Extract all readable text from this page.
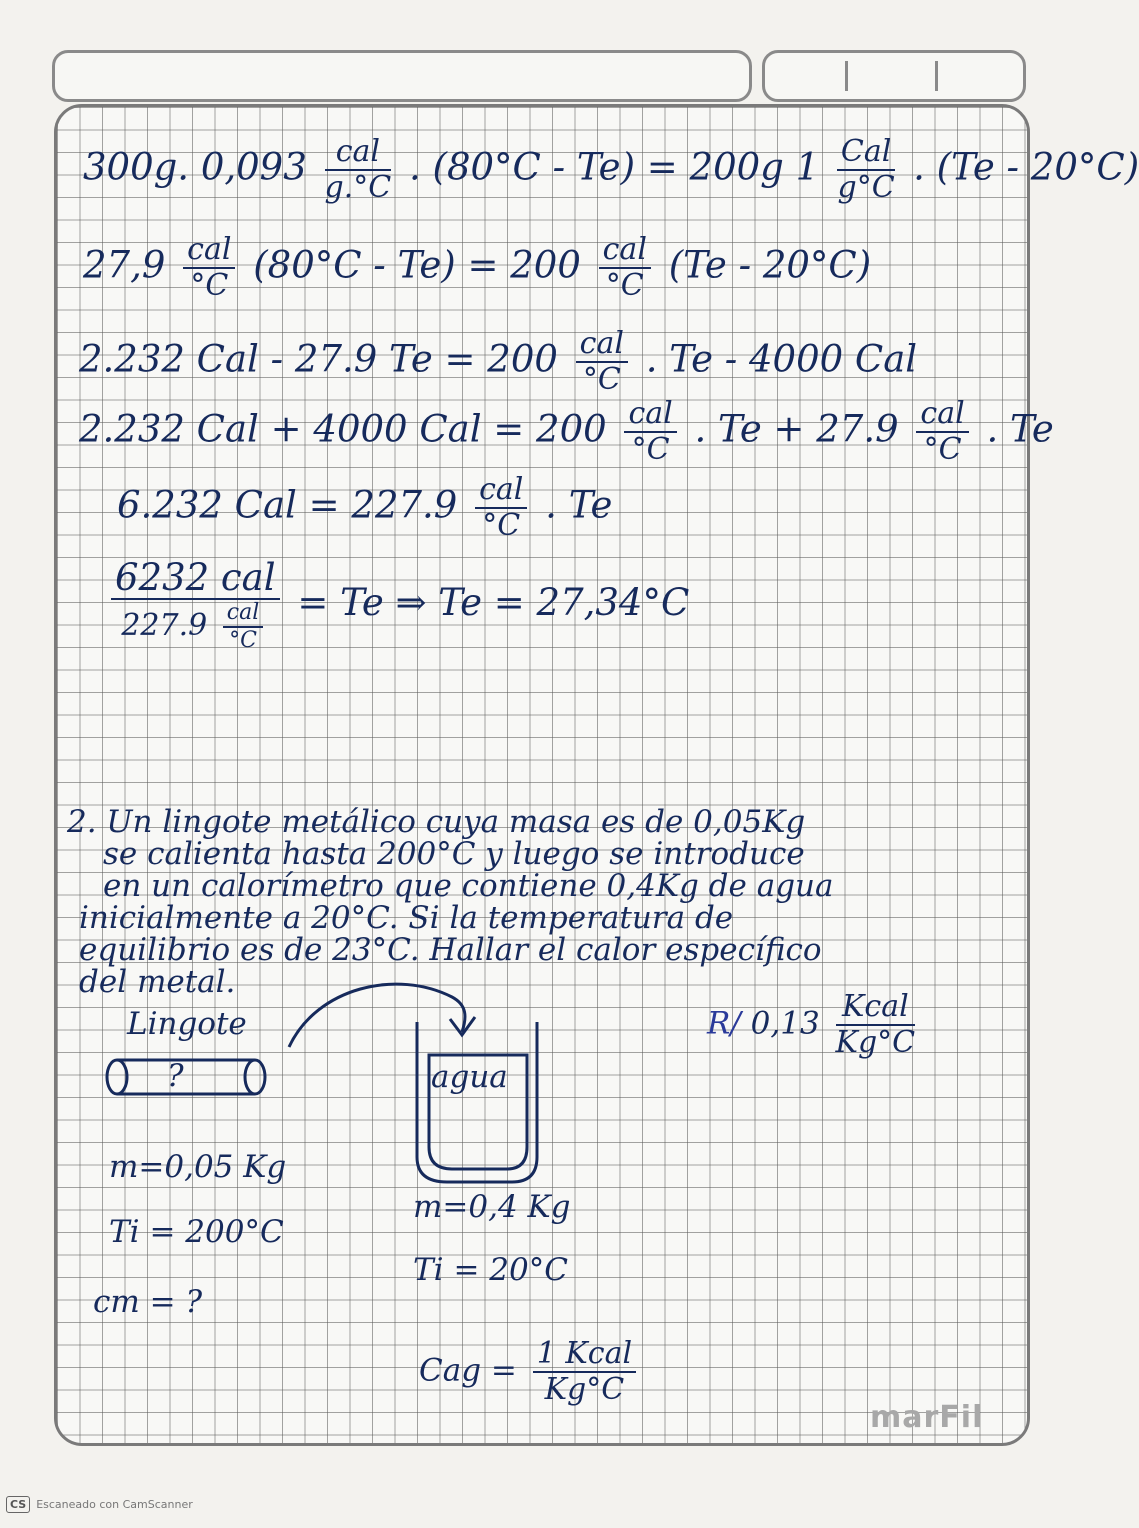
300g. $0,093 \frac{\text{cal}}{g.^\circ C}$ . (80°C - Te) = 200g $1 \frac{\text{Cal}}{g^\circ C}$ . (Te - 20°C)
$27,9 \frac{\text{cal}}{^\circ C} (80^\circ C - Te) = 200 \frac{\text{cal}}{^\circ C} (Te - 20^\circ C)$
2.232 Cal - 27.9 $Te = 200 \frac{\text{cal}}{^\circ C}$ . Te - 4000 Cal
2.232 Cal + 4000 Cal = $200 \frac{\text{cal}}{^\circ C}$ . $Te + 27.9 \frac{\text{cal}}{^\circ C}$ . Te
6.232 Cal = $227.9 \frac{\text{cal}}{^\circ C}$ . Te
$\frac{\text{6232 cal}}{227.9 \frac{\text{cal}}{^\circ C}} = Te$ ⇒ Te = 27,34°C
2. Un lingote metálico cuya masa es de 0,05Kg
se calienta hasta 200°C y luego se introduce
en un calorímetro que contiene 0,4Kg de agua
inicialmente a 20°C. Si la temperatura de
equilibrio es de 23°C. Hallar el calor específico
del metal.
R/ $0,13 \frac{\text{Kcal}}{Kg^\circ C}$
Lingote
?	agua
m=0,05 Kg
Ti = 200°C
cm = ?
m=0,4 Kg
Ti = 20°C
Cag = $\frac{\text{1 Kcal}}{Kg^\circ C}$
marFil
CS Escaneado con CamScanner
